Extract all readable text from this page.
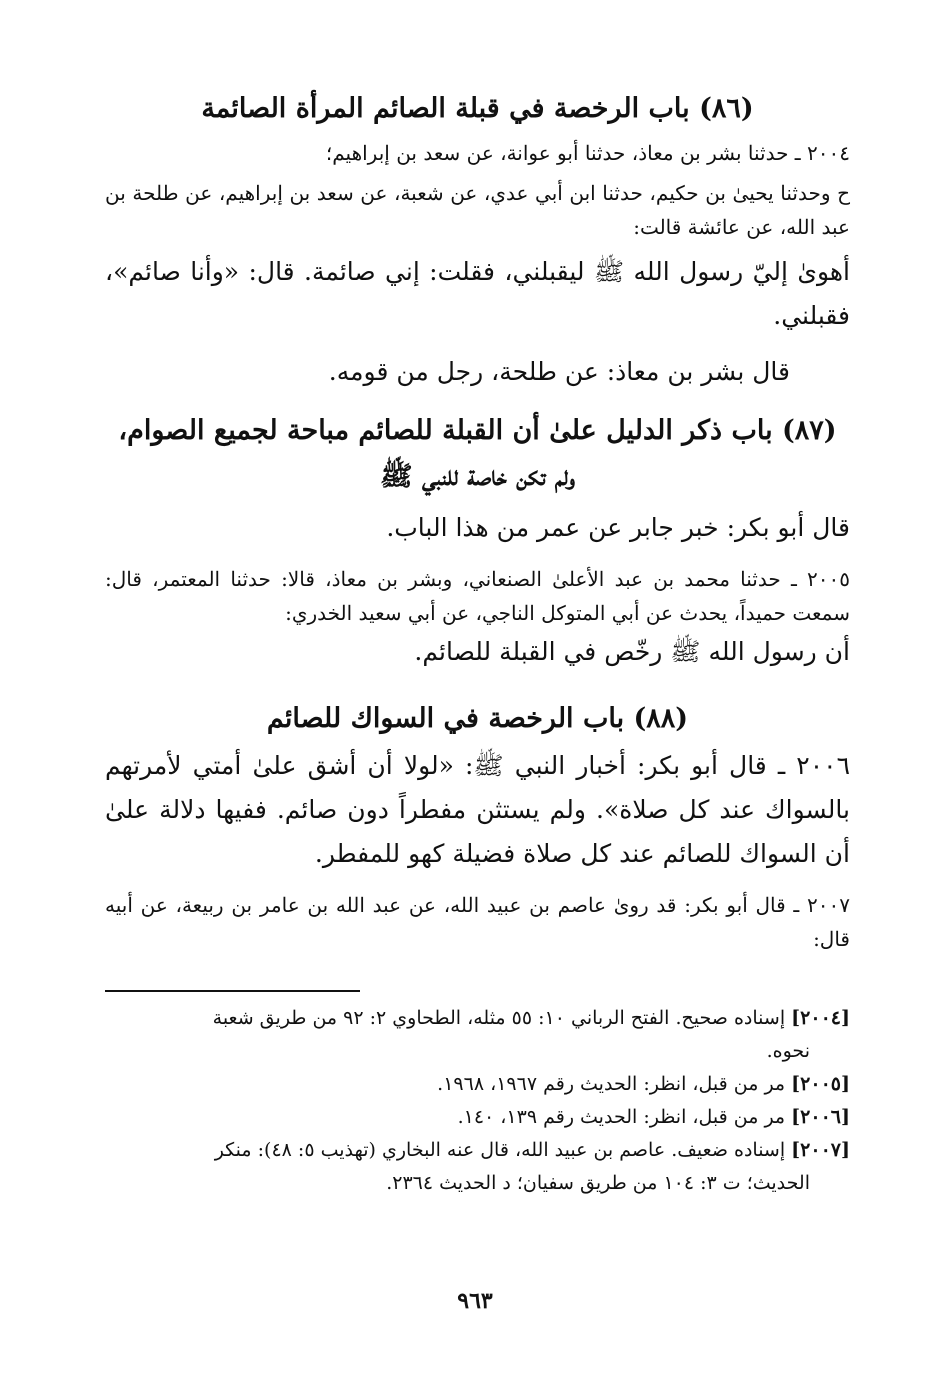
(٨٦) باب الرخصة في قبلة الصائم المرأة الصائمة

٢٠٠٤ ـ حدثنا بشر بن معاذ، حدثنا أبو عوانة، عن سعد بن إبراهيم؛

ح وحدثنا يحيىٰ بن حكيم، حدثنا ابن أبي عدي، عن شعبة، عن سعد بن إبراهيم، عن طلحة بن عبد الله، عن عائشة قالت:

أهوىٰ إليّ رسول الله ﷺ ليقبلني، فقلت: إني صائمة. قال: «وأنا صائم»، فقبلني.

قال بشر بن معاذ: عن طلحة، رجل من قومه.

(٨٧) باب ذكر الدليل علىٰ أن القبلة للصائم مباحة لجميع الصوام،
ولم تكن خاصة للنبي ﷺ

قال أبو بكر: خبر جابر عن عمر من هذا الباب.

٢٠٠٥ ـ حدثنا محمد بن عبد الأعلىٰ الصنعاني، وبشر بن معاذ، قالا: حدثنا المعتمر، قال: سمعت حميداً، يحدث عن أبي المتوكل الناجي، عن أبي سعيد الخدري:

أن رسول الله ﷺ رخّص في القبلة للصائم.

(٨٨) باب الرخصة في السواك للصائم

٢٠٠٦ ـ قال أبو بكر: أخبار النبي ﷺ: «لولا أن أشق علىٰ أمتي لأمرتهم بالسواك عند كل صلاة». ولم يستثن مفطراً دون صائم. ففيها دلالة علىٰ أن السواك للصائم عند كل صلاة فضيلة كهو للمفطر.

٢٠٠٧ ـ قال أبو بكر: قد روىٰ عاصم بن عبيد الله، عن عبد الله بن عامر بن ربيعة، عن أبيه قال:

[٢٠٠٤] إسناده صحيح. الفتح الرباني ١٠: ٥٥ مثله، الطحاوي ٢: ٩٢ من طريق شعبة
نحوه.
[٢٠٠٥] مر من قبل، انظر: الحديث رقم ١٩٦٧، ١٩٦٨.
[٢٠٠٦] مر من قبل، انظر: الحديث رقم ١٣٩، ١٤٠.
[٢٠٠٧] إسناده ضعيف. عاصم بن عبيد الله، قال عنه البخاري (تهذيب ٥: ٤٨): منكر
الحديث؛ ت ٣: ١٠٤ من طريق سفيان؛ د الحديث ٢٣٦٤.
٩٦٣
